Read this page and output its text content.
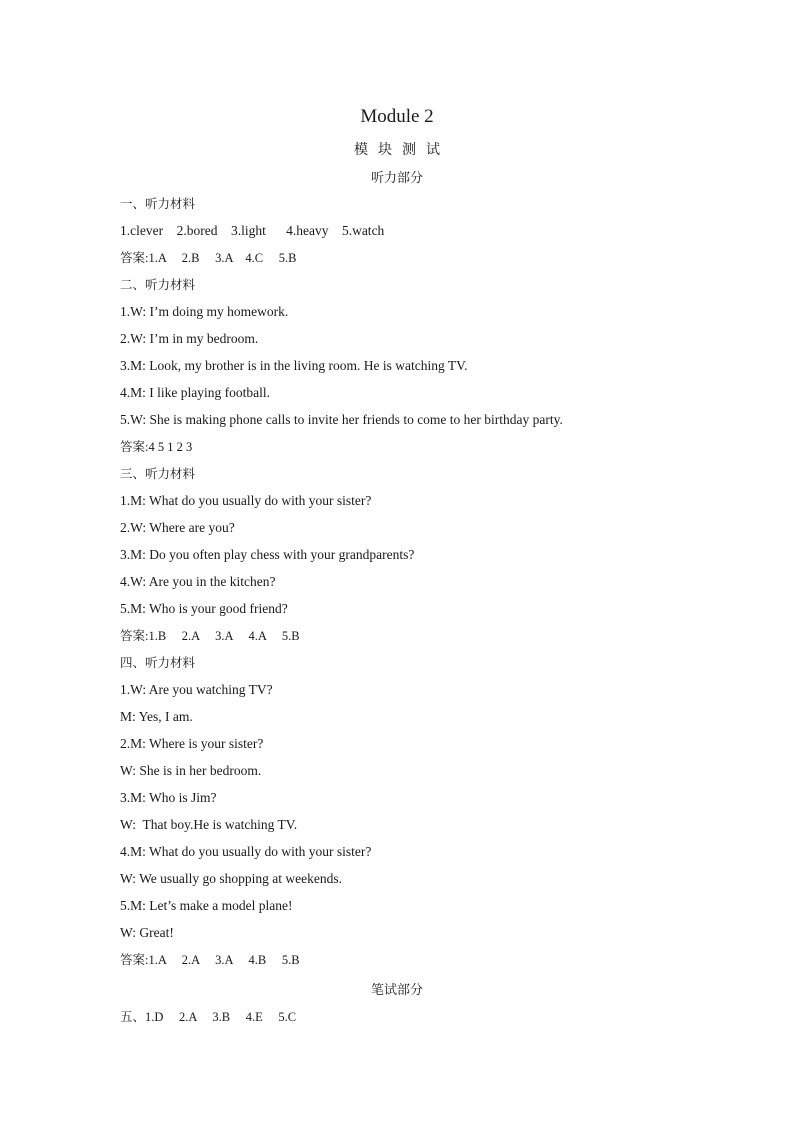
Module 2
模块测试
听力部分
一、听力材料
1.clever    2.bored    3.light      4.heavy    5.watch
答案:1.A     2.B     3.A    4.C     5.B
二、听力材料
1.W: I’m doing my homework.
2.W: I’m in my bedroom.
3.M: Look, my brother is in the living room. He is watching TV.
4.M: I like playing football.
5.W: She is making phone calls to invite her friends to come to her birthday party.
答案:4 5 1 2 3
三、听力材料
1.M: What do you usually do with your sister?
2.W: Where are you?
3.M: Do you often play chess with your grandparents?
4.W: Are you in the kitchen?
5.M: Who is your good friend?
答案:1.B     2.A     3.A     4.A     5.B
四、听力材料
1.W: Are you watching TV?
M: Yes, I am.
2.M: Where is your sister?
W: She is in her bedroom.
3.M: Who is Jim?
W:  That boy.He is watching TV.
4.M: What do you usually do with your sister?
W: We usually go shopping at weekends.
5.M: Let’s make a model plane!
W: Great!
答案:1.A     2.A     3.A     4.B     5.B
笔试部分
五、1.D     2.A     3.B     4.E     5.C
